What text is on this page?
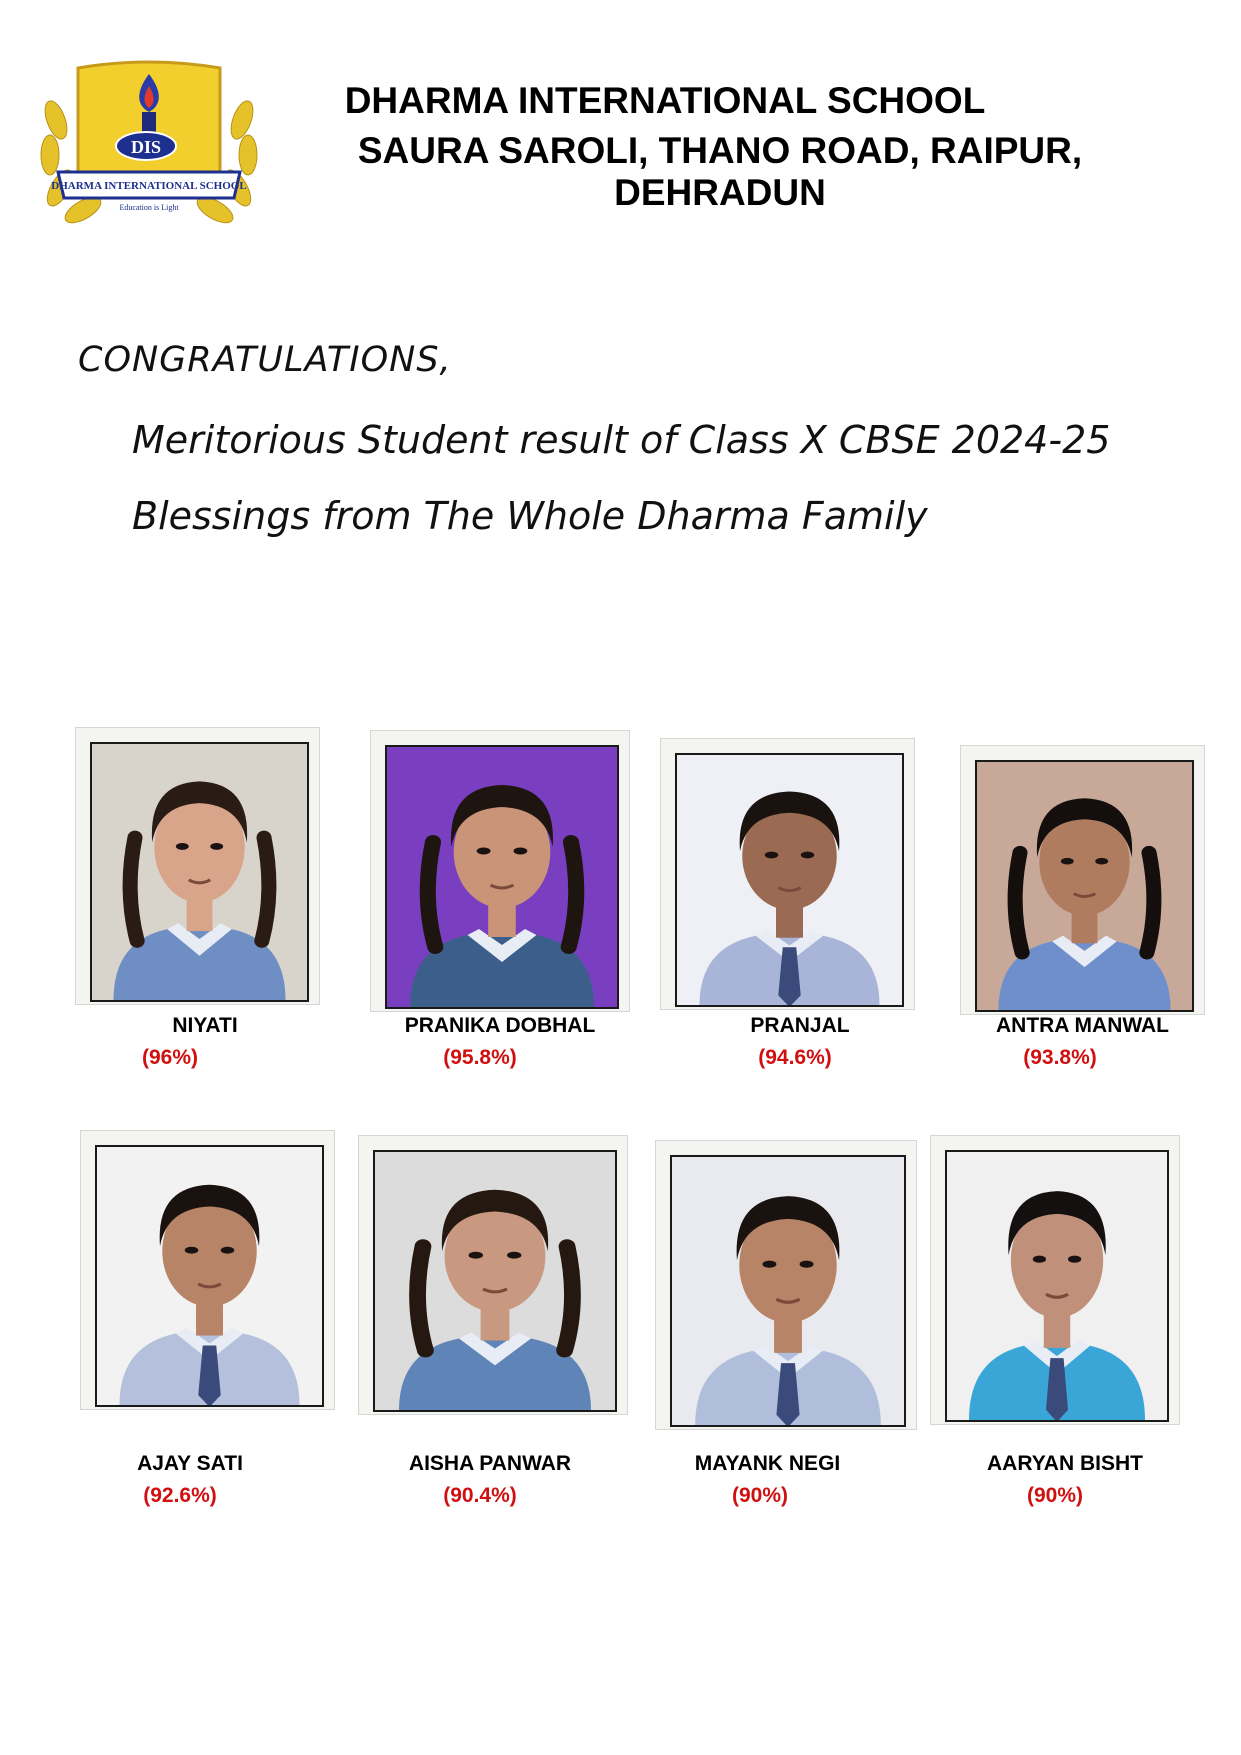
DIS
DHARMA INTERNATIONAL SCHOOL
Education is Light
DHARMA INTERNATIONAL SCHOOL
SAURA SAROLI, THANO ROAD, RAIPUR, DEHRADUN
CONGRATULATIONS,
Meritorious Student result of Class X CBSE 2024-25
Blessings from The Whole Dharma Family
NIYATI
(96%)
PRANIKA DOBHAL
(95.8%)
PRANJAL
(94.6%)
ANTRA MANWAL
(93.8%)
AJAY SATI
(92.6%)
AISHA PANWAR
(90.4%)
MAYANK NEGI
(90%)
AARYAN BISHT
(90%)
